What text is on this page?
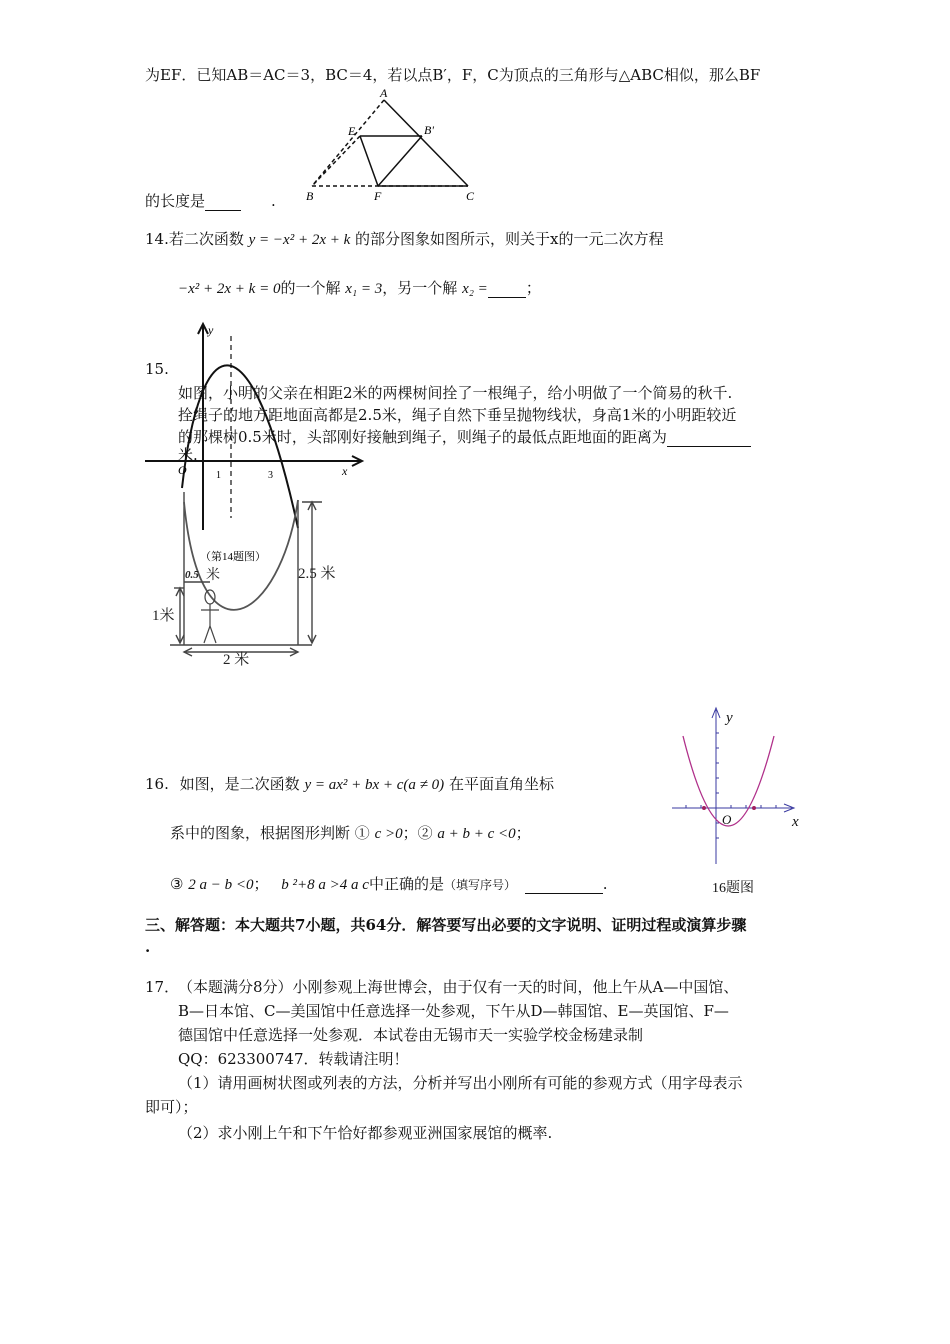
为EF．已知AB＝AC＝3，BC＝4，若以点B′，F，C为顶点的三角形与△ABC相似，那么BF
A
E	B'
B	F	C
的长度是	.
14.若二次函数 y = −x² + 2x + k 的部分图象如图所示，则关于x的一元二次方程
−x² + 2x + k = 0的一个解 x₁ = 3，另一个解 x₂ =	；
y
x
O	1	3
（第14题图）
15.
如图，小明的父亲在相距2米的两棵树间拴了一根绳子，给小明做了一个简易的秋千.
拴绳子的地方距地面高都是2.5米，绳子自然下垂呈抛物线状，身高1米的小明距较近
的那棵树0.5米时，头部刚好接触到绳子，则绳子的最低点距地面的距离为
米.
0.5 米	2.5 米
1米
2 米
16. 如图，是二次函数 y = ax² + bx + c(a ≠ 0) 在平面直角坐标
系中的图象，根据图形判断 ① c >0；② a + b + c <0；
③ 2 a − b <0； b ²+8 a >4 a c中正确的是（填写序号）	.
y
x
O
16题图
三、解答题：本大题共7小题，共64分．解答要写出必要的文字说明、证明过程或演算步骤
.
17．
（本题满分8分）小刚参观上海世博会，由于仅有一天的时间，他上午从A—中国馆、
B—日本馆、C—美国馆中任意选择一处参观，下午从D—韩国馆、E—英国馆、F—
德国馆中任意选择一处参观．本试卷由无锡市天一实验学校金杨建录制
QQ：623300747．转载请注明！
（1）请用画树状图或列表的方法，分析并写出小刚所有可能的参观方式（用字母表示
即可）；
（2）求小刚上午和下午恰好都参观亚洲国家展馆的概率.
